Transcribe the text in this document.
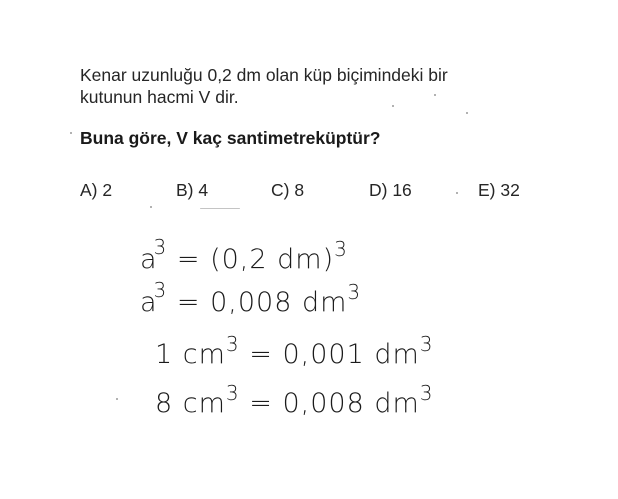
Kenar uzunluğu 0,2 dm olan küp biçimindeki bir
kutunun hacmi V dir.
Buna göre, V kaç santimetreküptür?
A) 2	B) 4	C) 8	D) 16	E) 32
$a^3 = (0,2$ dm)$^3$
$a^3 = 0,008$ $dm^3$
1 $cm^3 = 0,001$ $dm^3$
8 $cm^3 = 0,008$ $dm^3$
